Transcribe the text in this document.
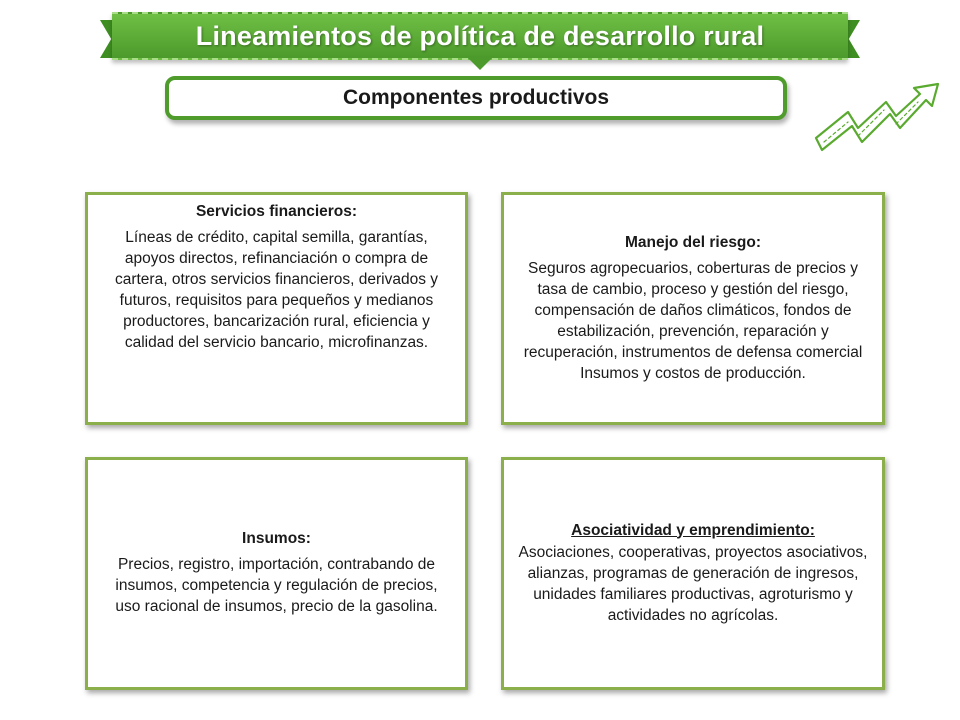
Lineamientos de política de desarrollo rural
Componentes productivos
Servicios financieros:
Líneas de crédito, capital semilla, garantías, apoyos directos, refinanciación o compra de cartera, otros servicios financieros, derivados y futuros, requisitos para pequeños y medianos productores, bancarización rural, eficiencia y calidad del servicio bancario, microfinanzas.
Manejo del riesgo:
Seguros agropecuarios, coberturas de precios y tasa de cambio, proceso y gestión del riesgo, compensación de daños climáticos, fondos de estabilización, prevención, reparación y recuperación, instrumentos de defensa comercial Insumos y costos de producción.
Insumos:
Precios, registro, importación, contrabando de insumos, competencia y regulación de precios, uso racional de insumos, precio de la gasolina.
Asociatividad y emprendimiento:
Asociaciones, cooperativas, proyectos asociativos, alianzas, programas de generación de ingresos, unidades familiares productivas, agroturismo y actividades no agrícolas.
